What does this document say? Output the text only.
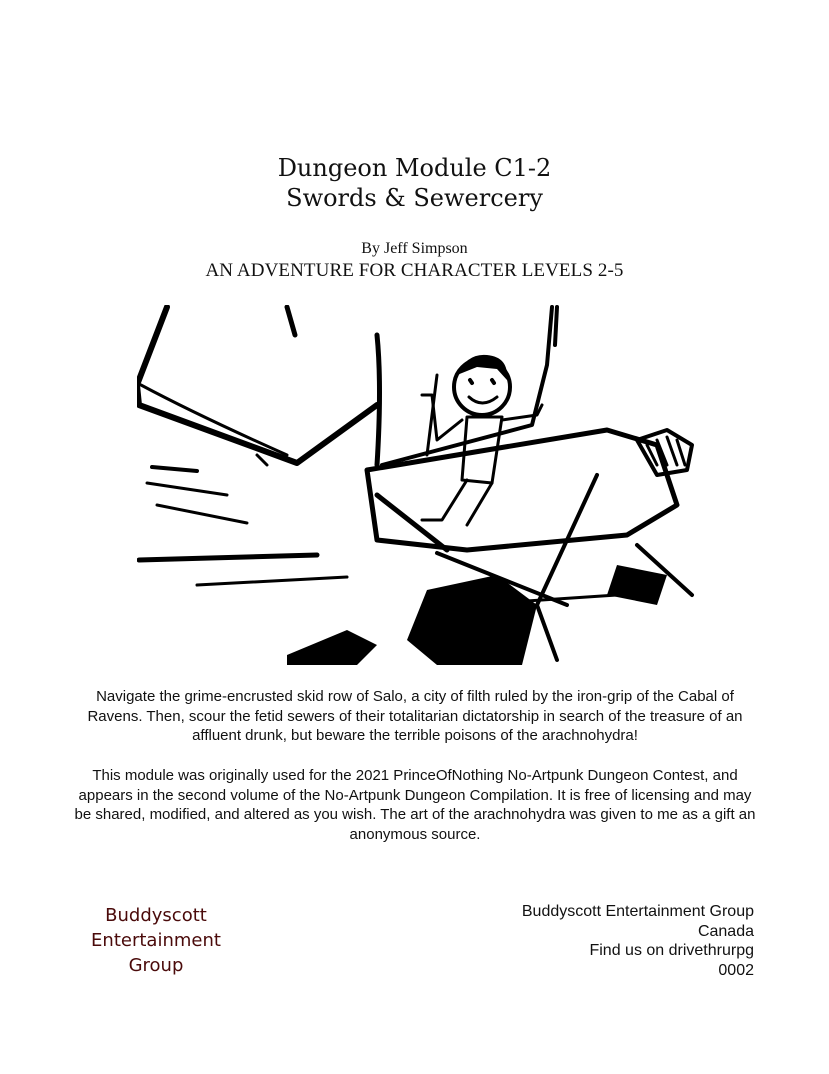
Dungeon Module C1-2
Swords & Sewercery
By Jeff Simpson
AN ADVENTURE FOR CHARACTER LEVELS 2-5

Navigate the grime-encrusted skid row of Salo, a city of filth ruled by the iron-grip of the Cabal of Ravens. Then, scour the fetid sewers of their totalitarian dictatorship in search of the treasure of an affluent drunk, but beware the terrible poisons of the arachnohydra!

This module was originally used for the 2021 PrinceOfNothing No-Artpunk Dungeon Contest, and appears in the second volume of the No-Artpunk Dungeon Compilation. It is free of licensing and may be shared, modified, and altered as you wish. The art of the arachnohydra was given to me as a gift an anonymous source.

Buddyscott
Entertainment
Group
Buddyscott Entertainment Group
Canada
Find us on drivethrurpg
0002
